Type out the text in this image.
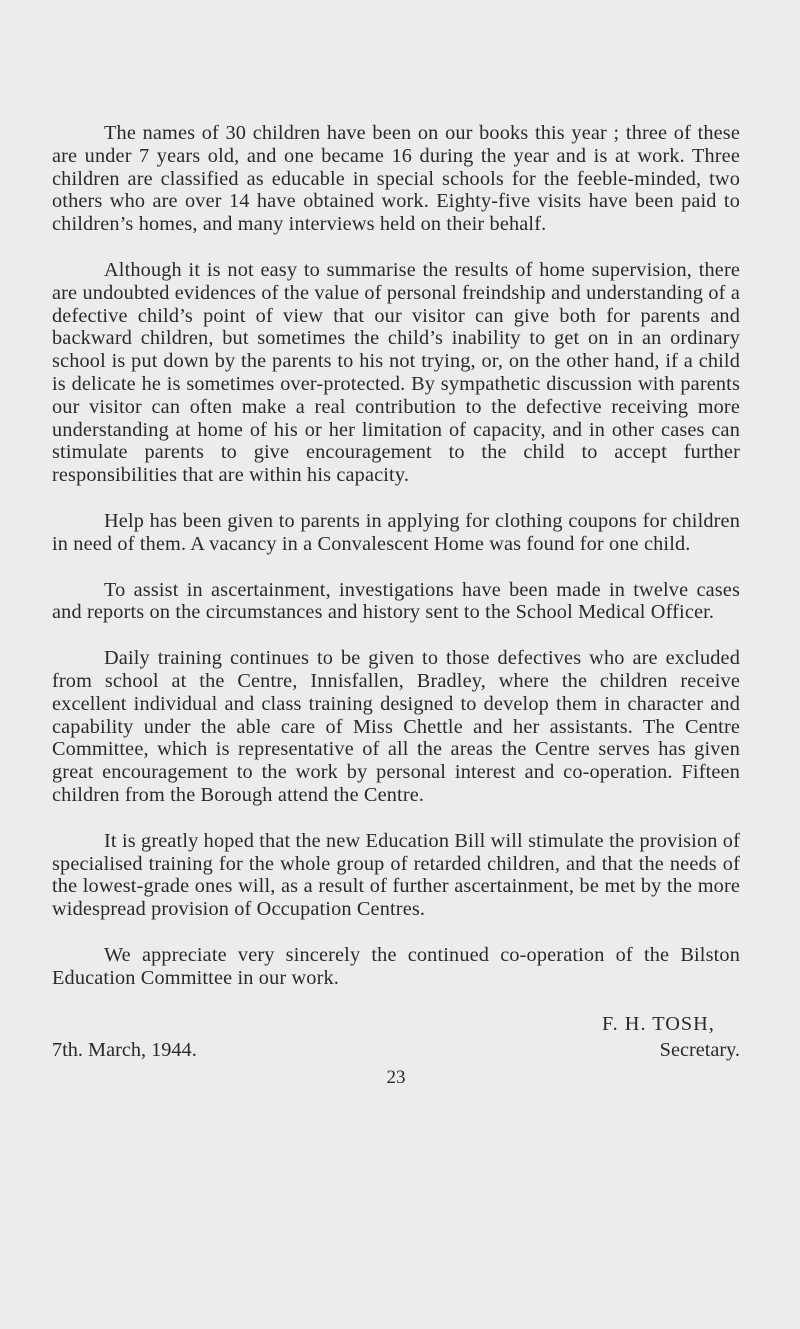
The names of 30 children have been on our books this year ; three of these are under 7 years old, and one became 16 during the year and is at work. Three children are classified as educable in special schools for the feeble-minded, two others who are over 14 have obtained work. Eighty-five visits have been paid to children’s homes, and many interviews held on their behalf.

Although it is not easy to summarise the results of home supervision, there are undoubted evidences of the value of personal freindship and understanding of a defective child’s point of view that our visitor can give both for parents and backward children, but sometimes the child’s inability to get on in an ordinary school is put down by the parents to his not trying, or, on the other hand, if a child is delicate he is sometimes over-protected. By sympathetic discussion with parents our visitor can often make a real contribution to the defective receiving more understanding at home of his or her limitation of capacity, and in other cases can stimulate parents to give encouragement to the child to accept further responsibilities that are within his capacity.

Help has been given to parents in applying for clothing coupons for children in need of them. A vacancy in a Convalescent Home was found for one child.

To assist in ascertainment, investigations have been made in twelve cases and reports on the circumstances and history sent to the School Medical Officer.

Daily training continues to be given to those defectives who are excluded from school at the Centre, Innisfallen, Bradley, where the children receive excellent individual and class training designed to develop them in character and capability under the able care of Miss Chettle and her assistants. The Centre Committee, which is representative of all the areas the Centre serves has given great encouragement to the work by personal interest and co-operation. Fifteen children from the Borough attend the Centre.

It is greatly hoped that the new Education Bill will stimulate the provision of specialised training for the whole group of retarded children, and that the needs of the lowest-grade ones will, as a result of further ascertainment, be met by the more widespread provision of Occupation Centres.

We appreciate very sincerely the continued co-operation of the Bilston Education Committee in our work.

F. H. TOSH,
7th. March, 1944.	Secretary.
23
